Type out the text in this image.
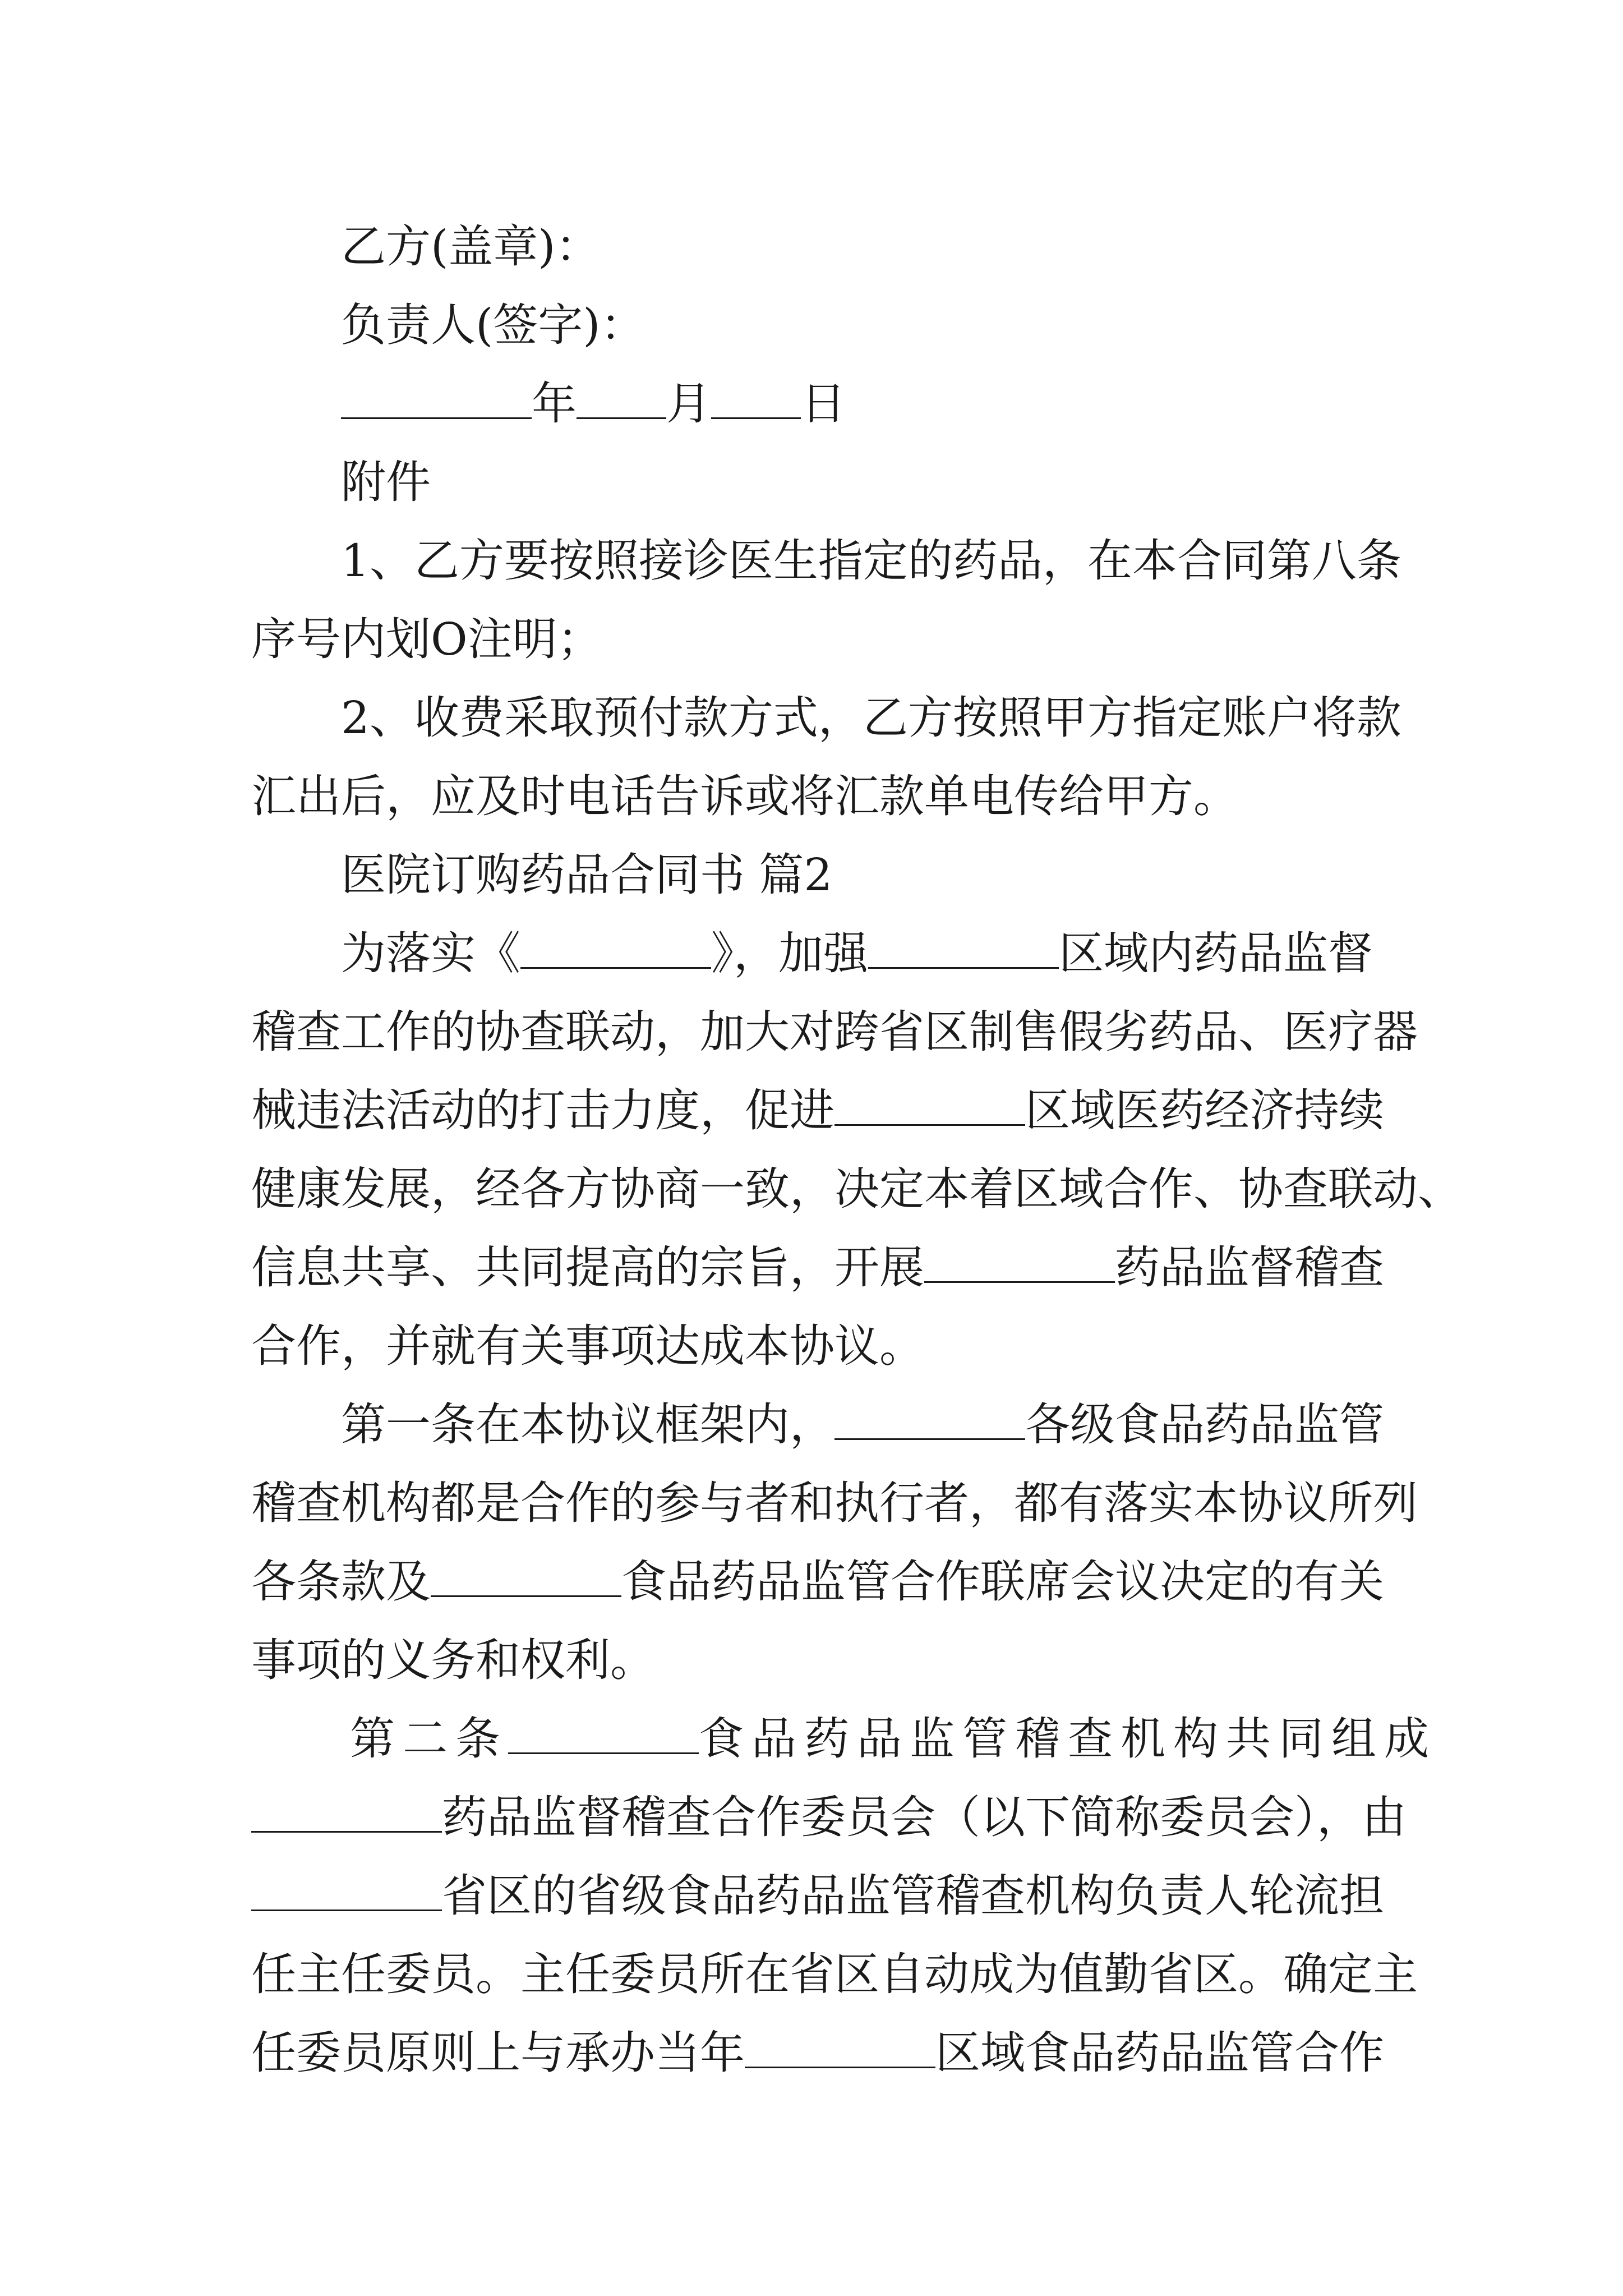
乙方(盖章)：
负责人(签字)：
年 月 日
附件
1、乙方要按照接诊医生指定的药品，在本合同第八条
序号内划O注明；
2、收费采取预付款方式，乙方按照甲方指定账户将款
汇出后，应及时电话告诉或将汇款单电传给甲方。
医院订购药品合同书 篇2
为落实《	》，加强	区域内药品监督
稽查工作的协查联动，加大对跨省区制售假劣药品、医疗器
械违法活动的打击力度，促进	区域医药经济持续
健康发展，经各方协商一致，决定本着区域合作、协查联动、
信息共享、共同提高的宗旨，开展	药品监督稽查
合作，并就有关事项达成本协议。
第一条在本协议框架内，	各级食品药品监管
稽查机构都是合作的参与者和执行者，都有落实本协议所列
各条款及	食品药品监管合作联席会议决定的有关
事项的义务和权利。
第二条	食品药品监管稽查机构共同组成
药品监督稽查合作委员会（以下简称委员会），由
省区的省级食品药品监管稽查机构负责人轮流担
任主任委员。主任委员所在省区自动成为值勤省区。确定主
任委员原则上与承办当年	区域食品药品监管合作
